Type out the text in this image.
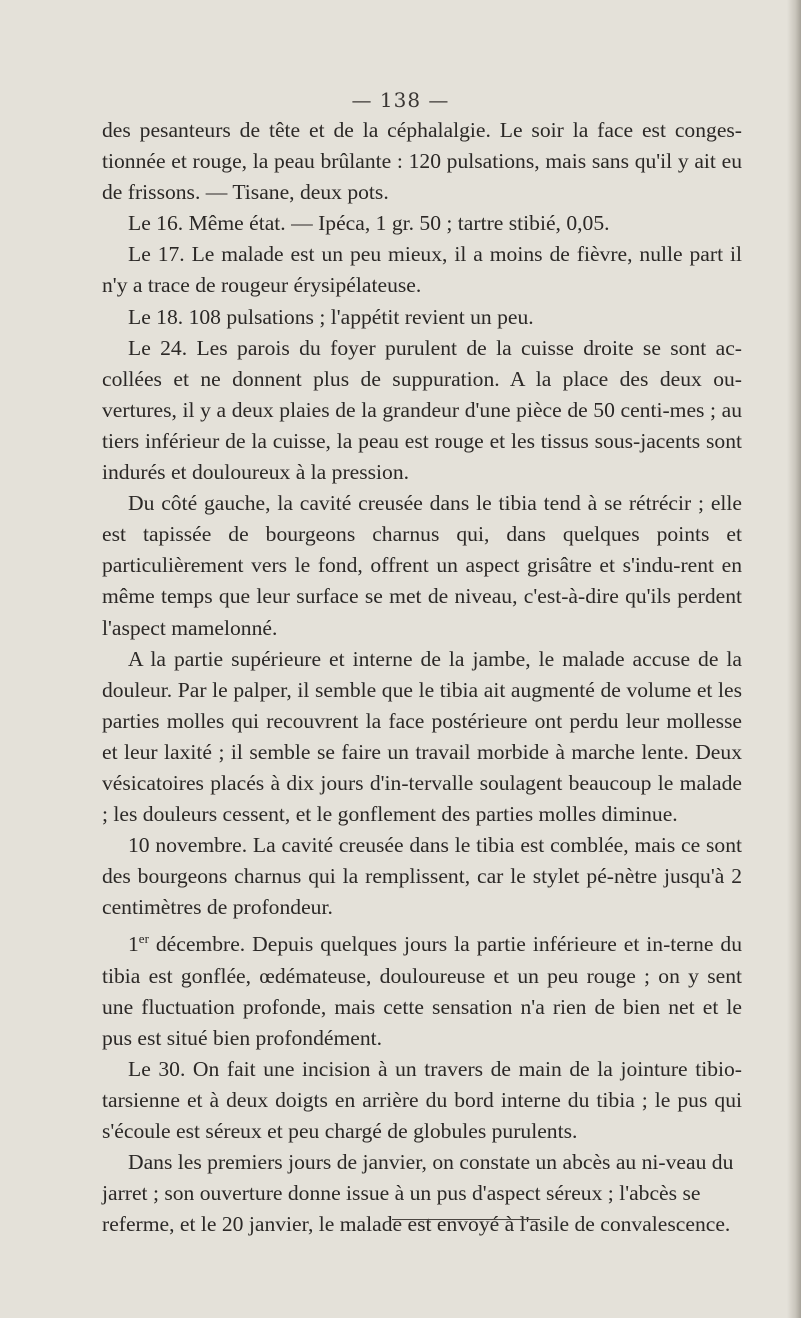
— 138 —

des pesanteurs de tête et de la céphalalgie. Le soir la face est conges-tionnée et rouge, la peau brûlante : 120 pulsations, mais sans qu'il y ait eu de frissons. — Tisane, deux pots.

Le 16. Même état. — Ipéca, 1 gr. 50 ; tartre stibié, 0,05.

Le 17. Le malade est un peu mieux, il a moins de fièvre, nulle part il n'y a trace de rougeur érysipélateuse.

Le 18. 108 pulsations ; l'appétit revient un peu.

Le 24. Les parois du foyer purulent de la cuisse droite se sont ac-collées et ne donnent plus de suppuration. A la place des deux ou-vertures, il y a deux plaies de la grandeur d'une pièce de 50 centi-mes ; au tiers inférieur de la cuisse, la peau est rouge et les tissus sous-jacents sont indurés et douloureux à la pression.

Du côté gauche, la cavité creusée dans le tibia tend à se rétrécir ; elle est tapissée de bourgeons charnus qui, dans quelques points et particulièrement vers le fond, offrent un aspect grisâtre et s'indu-rent en même temps que leur surface se met de niveau, c'est-à-dire qu'ils perdent l'aspect mamelonné.

A la partie supérieure et interne de la jambe, le malade accuse de la douleur. Par le palper, il semble que le tibia ait augmenté de volume et les parties molles qui recouvrent la face postérieure ont perdu leur mollesse et leur laxité ; il semble se faire un travail morbide à marche lente. Deux vésicatoires placés à dix jours d'in-tervalle soulagent beaucoup le malade ; les douleurs cessent, et le gonflement des parties molles diminue.

10 novembre. La cavité creusée dans le tibia est comblée, mais ce sont des bourgeons charnus qui la remplissent, car le stylet pé-nètre jusqu'à 2 centimètres de profondeur.

1er décembre. Depuis quelques jours la partie inférieure et in-terne du tibia est gonflée, œdémateuse, douloureuse et un peu rouge ; on y sent une fluctuation profonde, mais cette sensation n'a rien de bien net et le pus est situé bien profondément.

Le 30. On fait une incision à un travers de main de la jointure tibio-tarsienne et à deux doigts en arrière du bord interne du tibia ; le pus qui s'écoule est séreux et peu chargé de globules purulents.

Dans les premiers jours de janvier, on constate un abcès au ni-veau du jarret ; son ouverture donne issue à un pus d'aspect séreux ; l'abcès se referme, et le 20 janvier, le malade est envoyé à l'asile de convalescence.
